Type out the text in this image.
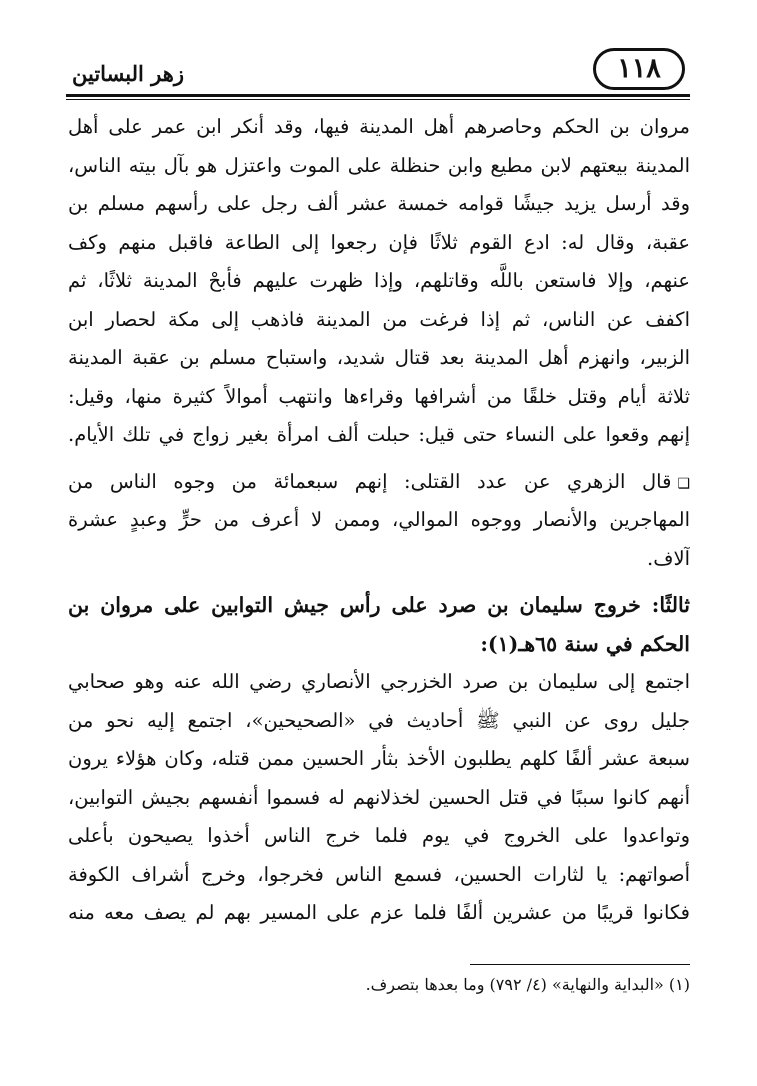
١١٨
زهر البساتين
مروان بن الحكم وحاصرهم أهل المدينة فيها، وقد أنكر ابن عمر على أهل
المدينة بيعتهم لابن مطيع وابن حنظلة على الموت واعتزل هو بآل بيته الناس،
وقد أرسل يزيد جيشًا قوامه خمسة عشر ألف رجل على رأسهم مسلم بن
عقبة، وقال له: ادع القوم ثلاثًا فإن رجعوا إلى الطاعة فاقبل منهم وكف
عنهم، وإلا فاستعن باللَّه وقاتلهم، وإذا ظهرت عليهم فأبحْ المدينة ثلاثًا، ثم
اكفف عن الناس، ثم إذا فرغت من المدينة فاذهب إلى مكة لحصار ابن
الزبير، وانهزم أهل المدينة بعد قتال شديد، واستباح مسلم بن عقبة المدينة
ثلاثة أيام وقتل خلقًا من أشرافها وقراءها وانتهب أموالاً كثيرة منها، وقيل:
إنهم وقعوا على النساء حتى قيل: حبلت ألف امرأة بغير زواج في تلك الأيام.
❑قال الزهري عن عدد القتلى: إنهم سبعمائة من وجوه الناس من
المهاجرين والأنصار ووجوه الموالي، وممن لا أعرف من حرٍّ وعبدٍ عشرة
آلاف.
ثالثًا: خروج سليمان بن صرد على رأس جيش التوابين على مروان بن
الحكم في سنة ٦٥هـ(١):
اجتمع إلى سليمان بن صرد الخزرجي الأنصاري رضي الله عنه وهو صحابي
جليل روى عن النبي ﷺ أحاديث في «الصحيحين»، اجتمع إليه نحو من
سبعة عشر ألفًا كلهم يطلبون الأخذ بثأر الحسين ممن قتله، وكان هؤلاء يرون
أنهم كانوا سببًا في قتل الحسين لخذلانهم له فسموا أنفسهم بجيش التوابين،
وتواعدوا على الخروج في يوم فلما خرج الناس أخذوا يصيحون بأعلى
أصواتهم: يا لثارات الحسين، فسمع الناس فخرجوا، وخرج أشراف الكوفة
فكانوا قريبًا من عشرين ألفًا فلما عزم على المسير بهم لم يصف معه منه
(١) «البداية والنهاية» (٤/ ٧٩٢) وما بعدها بتصرف.
